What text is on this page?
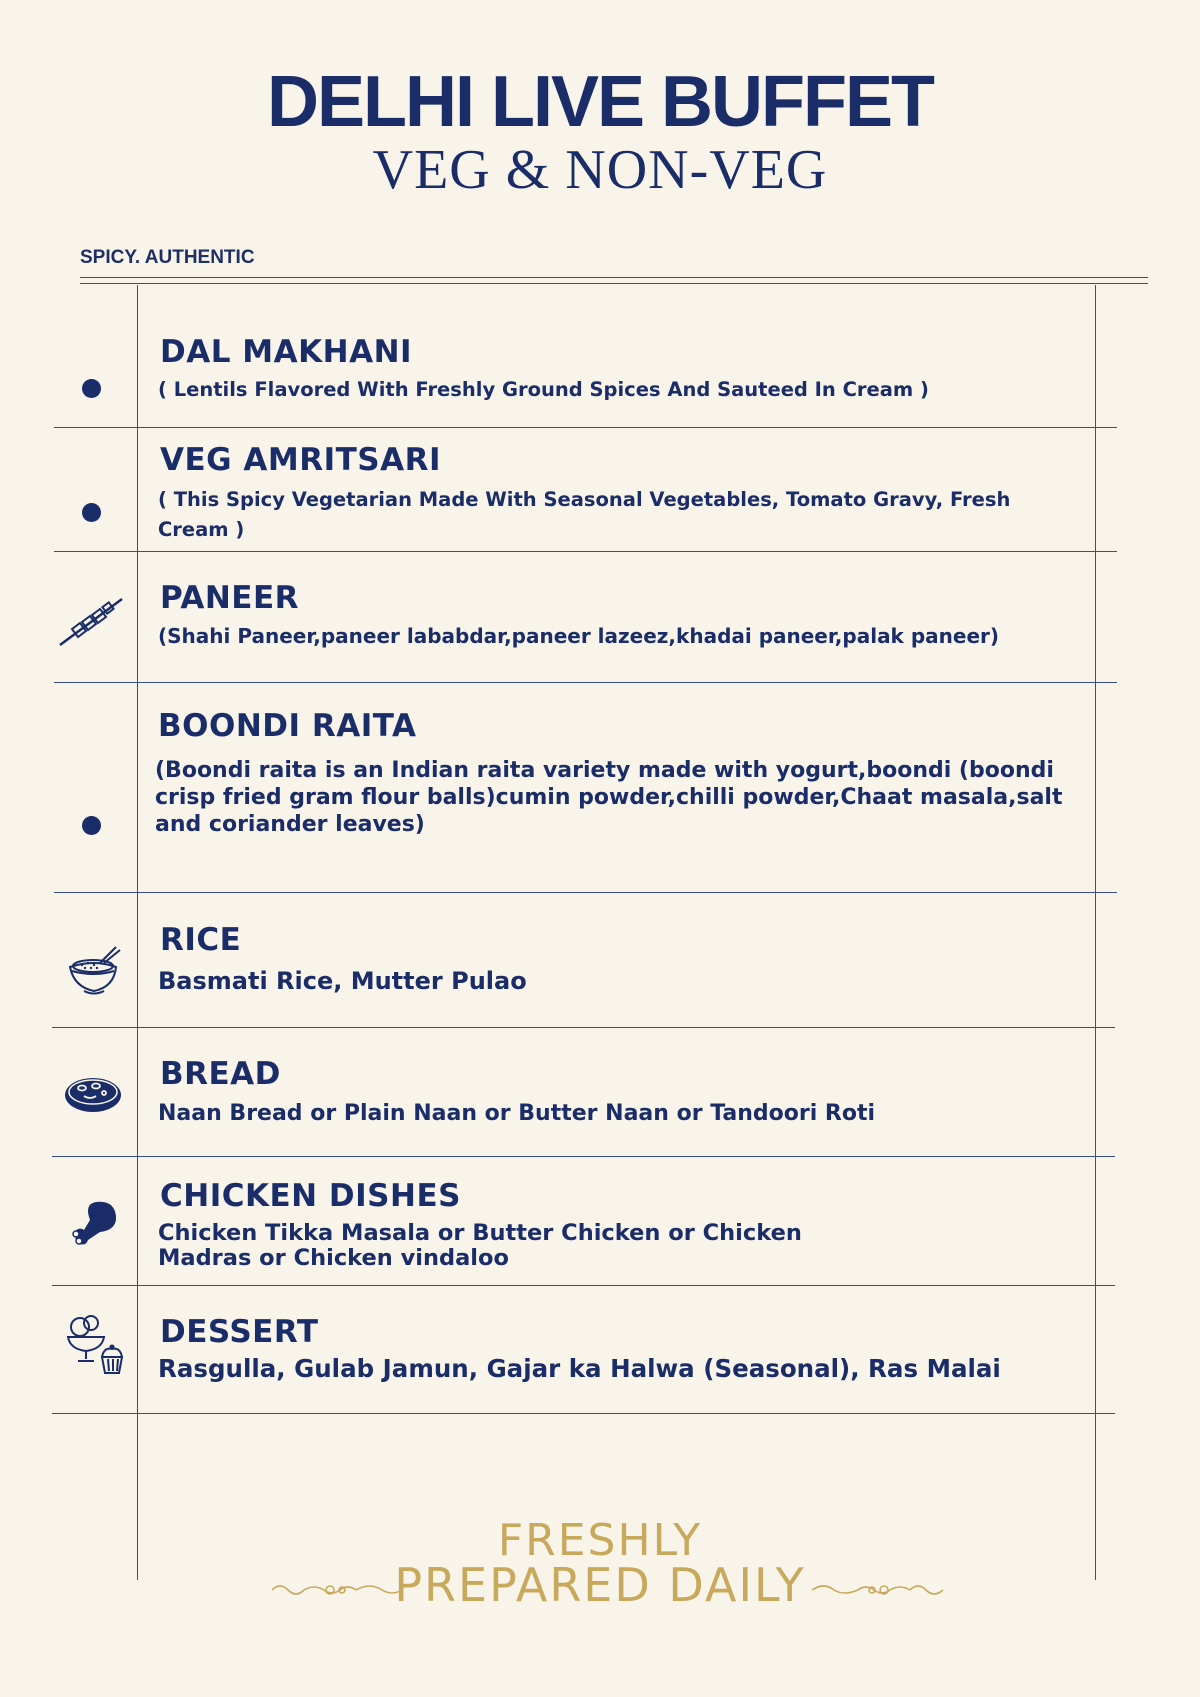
DELHI LIVE BUFFET
VEG & NON-VEG
SPICY. AUTHENTIC
DAL MAKHANI
( Lentils Flavored With Freshly Ground Spices And Sauteed In Cream )
VEG AMRITSARI
( This Spicy Vegetarian Made With Seasonal Vegetables, Tomato Gravy, Fresh Cream )
PANEER
(Shahi Paneer,paneer lababdar,paneer lazeez,khadai paneer,palak paneer)
BOONDI RAITA
(Boondi raita is an Indian raita variety made with yogurt,boondi (boondi crisp fried gram flour balls)cumin powder,chilli powder,Chaat masala,salt and coriander leaves)
RICE
Basmati Rice, Mutter Pulao
BREAD
Naan Bread or Plain Naan or Butter Naan or Tandoori Roti
CHICKEN DISHES
Chicken Tikka Masala or Butter Chicken or Chicken Madras or Chicken vindaloo
DESSERT
Rasgulla, Gulab Jamun, Gajar ka Halwa (Seasonal), Ras Malai
FRESHLY
PREPARED DAILY
